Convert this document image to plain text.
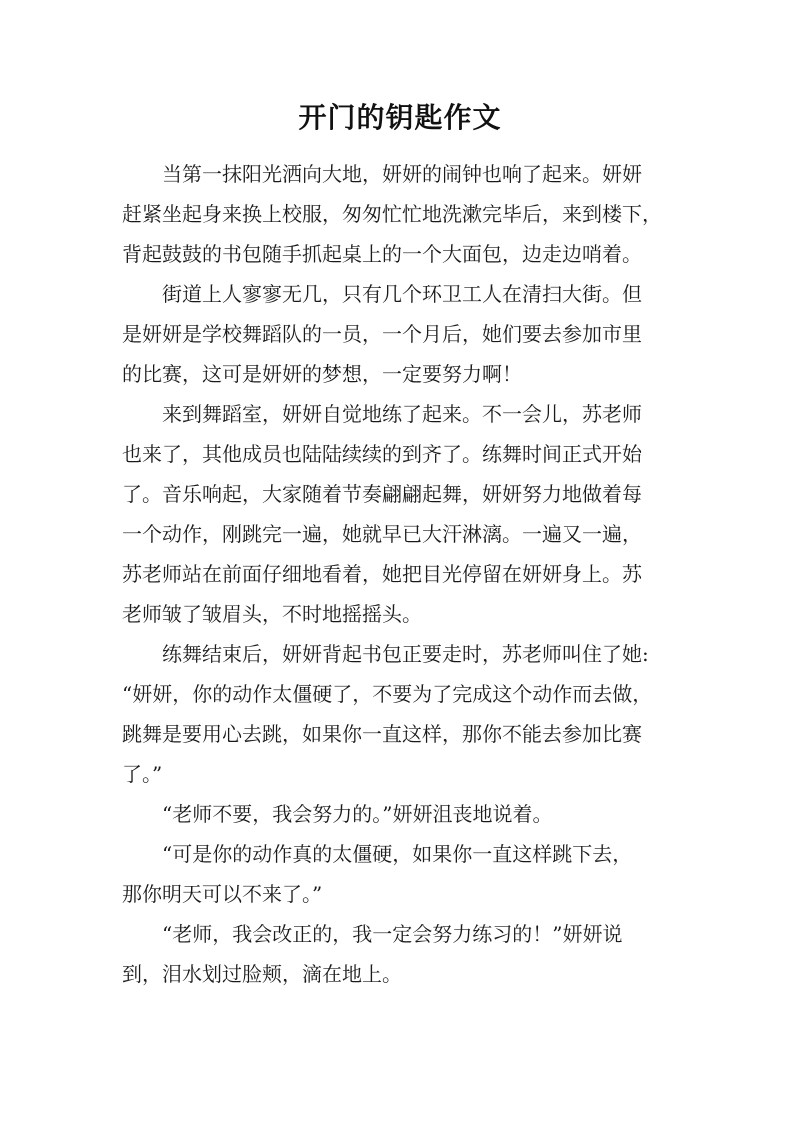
开门的钥匙作文
当第一抹阳光洒向大地，妍妍的闹钟也响了起来。妍妍
赶紧坐起身来换上校服，匆匆忙忙地洗漱完毕后，来到楼下，
背起鼓鼓的书包随手抓起桌上的一个大面包，边走边哨着。
街道上人寥寥无几，只有几个环卫工人在清扫大街。但
是妍妍是学校舞蹈队的一员，一个月后，她们要去参加市里
的比赛，这可是妍妍的梦想，一定要努力啊！
来到舞蹈室，妍妍自觉地练了起来。不一会儿，苏老师
也来了，其他成员也陆陆续续的到齐了。练舞时间正式开始
了。音乐响起，大家随着节奏翩翩起舞，妍妍努力地做着每
一个动作，刚跳完一遍，她就早已大汗淋漓。一遍又一遍，
苏老师站在前面仔细地看着，她把目光停留在妍妍身上。苏
老师皱了皱眉头，不时地摇摇头。
练舞结束后，妍妍背起书包正要走时，苏老师叫住了她:
“妍妍，你的动作太僵硬了，不要为了完成这个动作而去做，
跳舞是要用心去跳，如果你一直这样，那你不能去参加比赛
了。”
“老师不要，我会努力的。”妍妍沮丧地说着。
“可是你的动作真的太僵硬，如果你一直这样跳下去，
那你明天可以不来了。”
“老师，我会改正的，我一定会努力练习的！”妍妍说
到，泪水划过脸颊，滴在地上。
